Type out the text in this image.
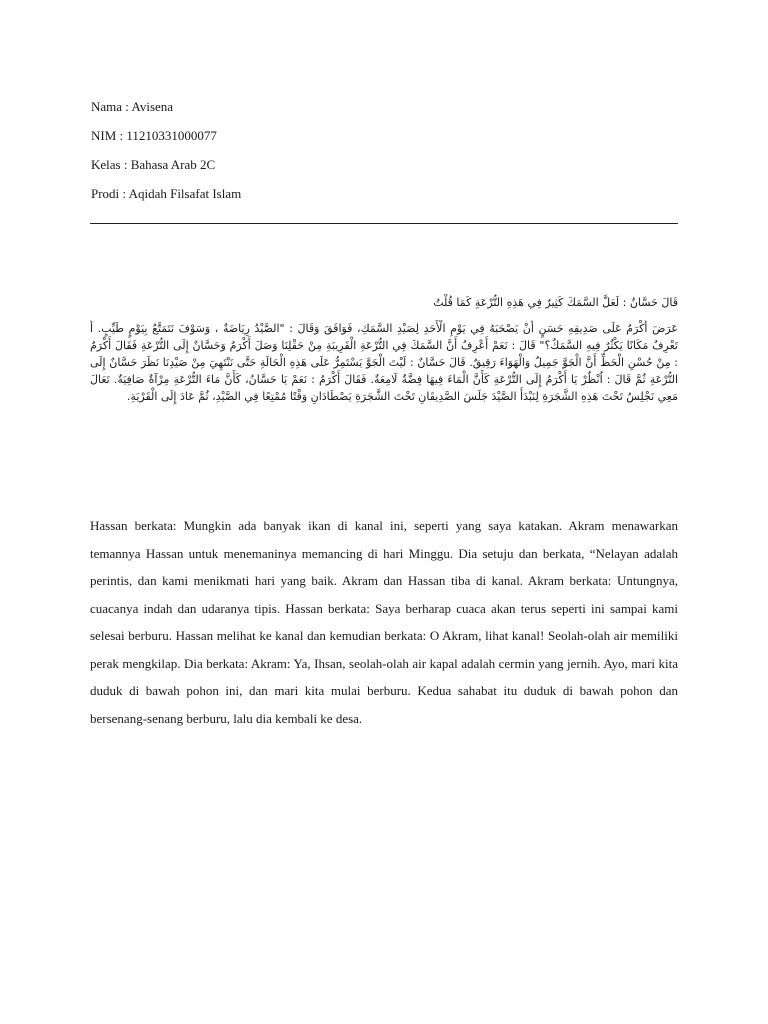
Nama : Avisena
NIM : 11210331000077
Kelas : Bahasa Arab 2C
Prodi : Aqidah Filsafat Islam
قَالَ حَسَّانٌ : لَعَلَّ السَّمَكَ كَثِيرٌ فِي هَذِهِ التُّرْعَةِ كَمَا قُلْتُ
عَرَضَ أَكْرَمُ عَلَى صَدِيقِهِ حَسَنٍ أَنْ يَصْحَبَهُ فِي يَوْمِ الْأَحَدِ لِصَيْدِ السَّمَكِ، فَوَافَقَ وَقَالَ : "الصَّيْدُ رِيَاضَةٌ ، وَسَوْفَ نَتَمَتَّعُ بِيَوْمٍ طَيِّبٍ. أَ تَعْرِفُ مَكَانًا يَكْثُرُ فِيهِ السَّمَكُ؟" قَالَ : نَعَمْ أَعْرِفُ أَنَّ السَّمَكَ فِي التُّرْعَةِ الْقَرِيبَةِ مِنْ حَقْلِنَا وَصَلَ أَكْرَمُ وَحَسَّانٌ إِلَى التُّرْعَةِ فَقَالَ أَكْرَمُ : مِنْ حُسْنِ الْحَظِّ أَنَّ الْجَوَّ جَمِيلٌ وَالْهَوَاءَ رَقِيقٌ. قَالَ حَسَّانٌ : لَيْتَ الْجَوَّ يَسْتَمِرُّ عَلَى هَذِهِ الْحَالَةِ حَتَّى نَنْتَهِيَ مِنْ صَيْدِنَا نَظَرَ حَسَّانٌ إِلَى التُّرْعَةِ ثُمَّ قَالَ : اُنْظُرْ يَا أَكْرَمُ إِلَى التُّرْعَةِ كَأَنَّ الْمَاءَ فِيهَا فِضَّةٌ لَامِعَةٌ. فَقَالَ أَكْرَمُ : نَعَمْ يَا حَسَّانُ، كَأَنَّ مَاءَ التُّرْعَةِ مِرْآةٌ صَافِيَةٌ. تَعَالَ مَعِي نَجْلِسُ تَحْتَ هَذِهِ الشَّجَرَةِ لِنَبْدَأَ الصَّيْدَ جَلَسَ الصَّدِيقَانِ تَحْتَ الشَّجَرَةِ يَصْطَادَانِ وَقْتًا مُمْتِعًا فِي الصَّيْدِ، ثُمَّ عَادَ إِلَى الْقَرْيَةِ.
Hassan berkata: Mungkin ada banyak ikan di kanal ini, seperti yang saya katakan. Akram menawarkan temannya Hassan untuk menemaninya memancing di hari Minggu. Dia setuju dan berkata, “Nelayan adalah perintis, dan kami menikmati hari yang baik. Akram dan Hassan tiba di kanal. Akram berkata: Untungnya, cuacanya indah dan udaranya tipis. Hassan berkata: Saya berharap cuaca akan terus seperti ini sampai kami selesai berburu. Hassan melihat ke kanal dan kemudian berkata: O Akram, lihat kanal! Seolah-olah air memiliki perak mengkilap. Dia berkata: Akram: Ya, Ihsan, seolah-olah air kapal adalah cermin yang jernih. Ayo, mari kita duduk di bawah pohon ini, dan mari kita mulai berburu. Kedua sahabat itu duduk di bawah pohon dan bersenang-senang berburu, lalu dia kembali ke desa.
